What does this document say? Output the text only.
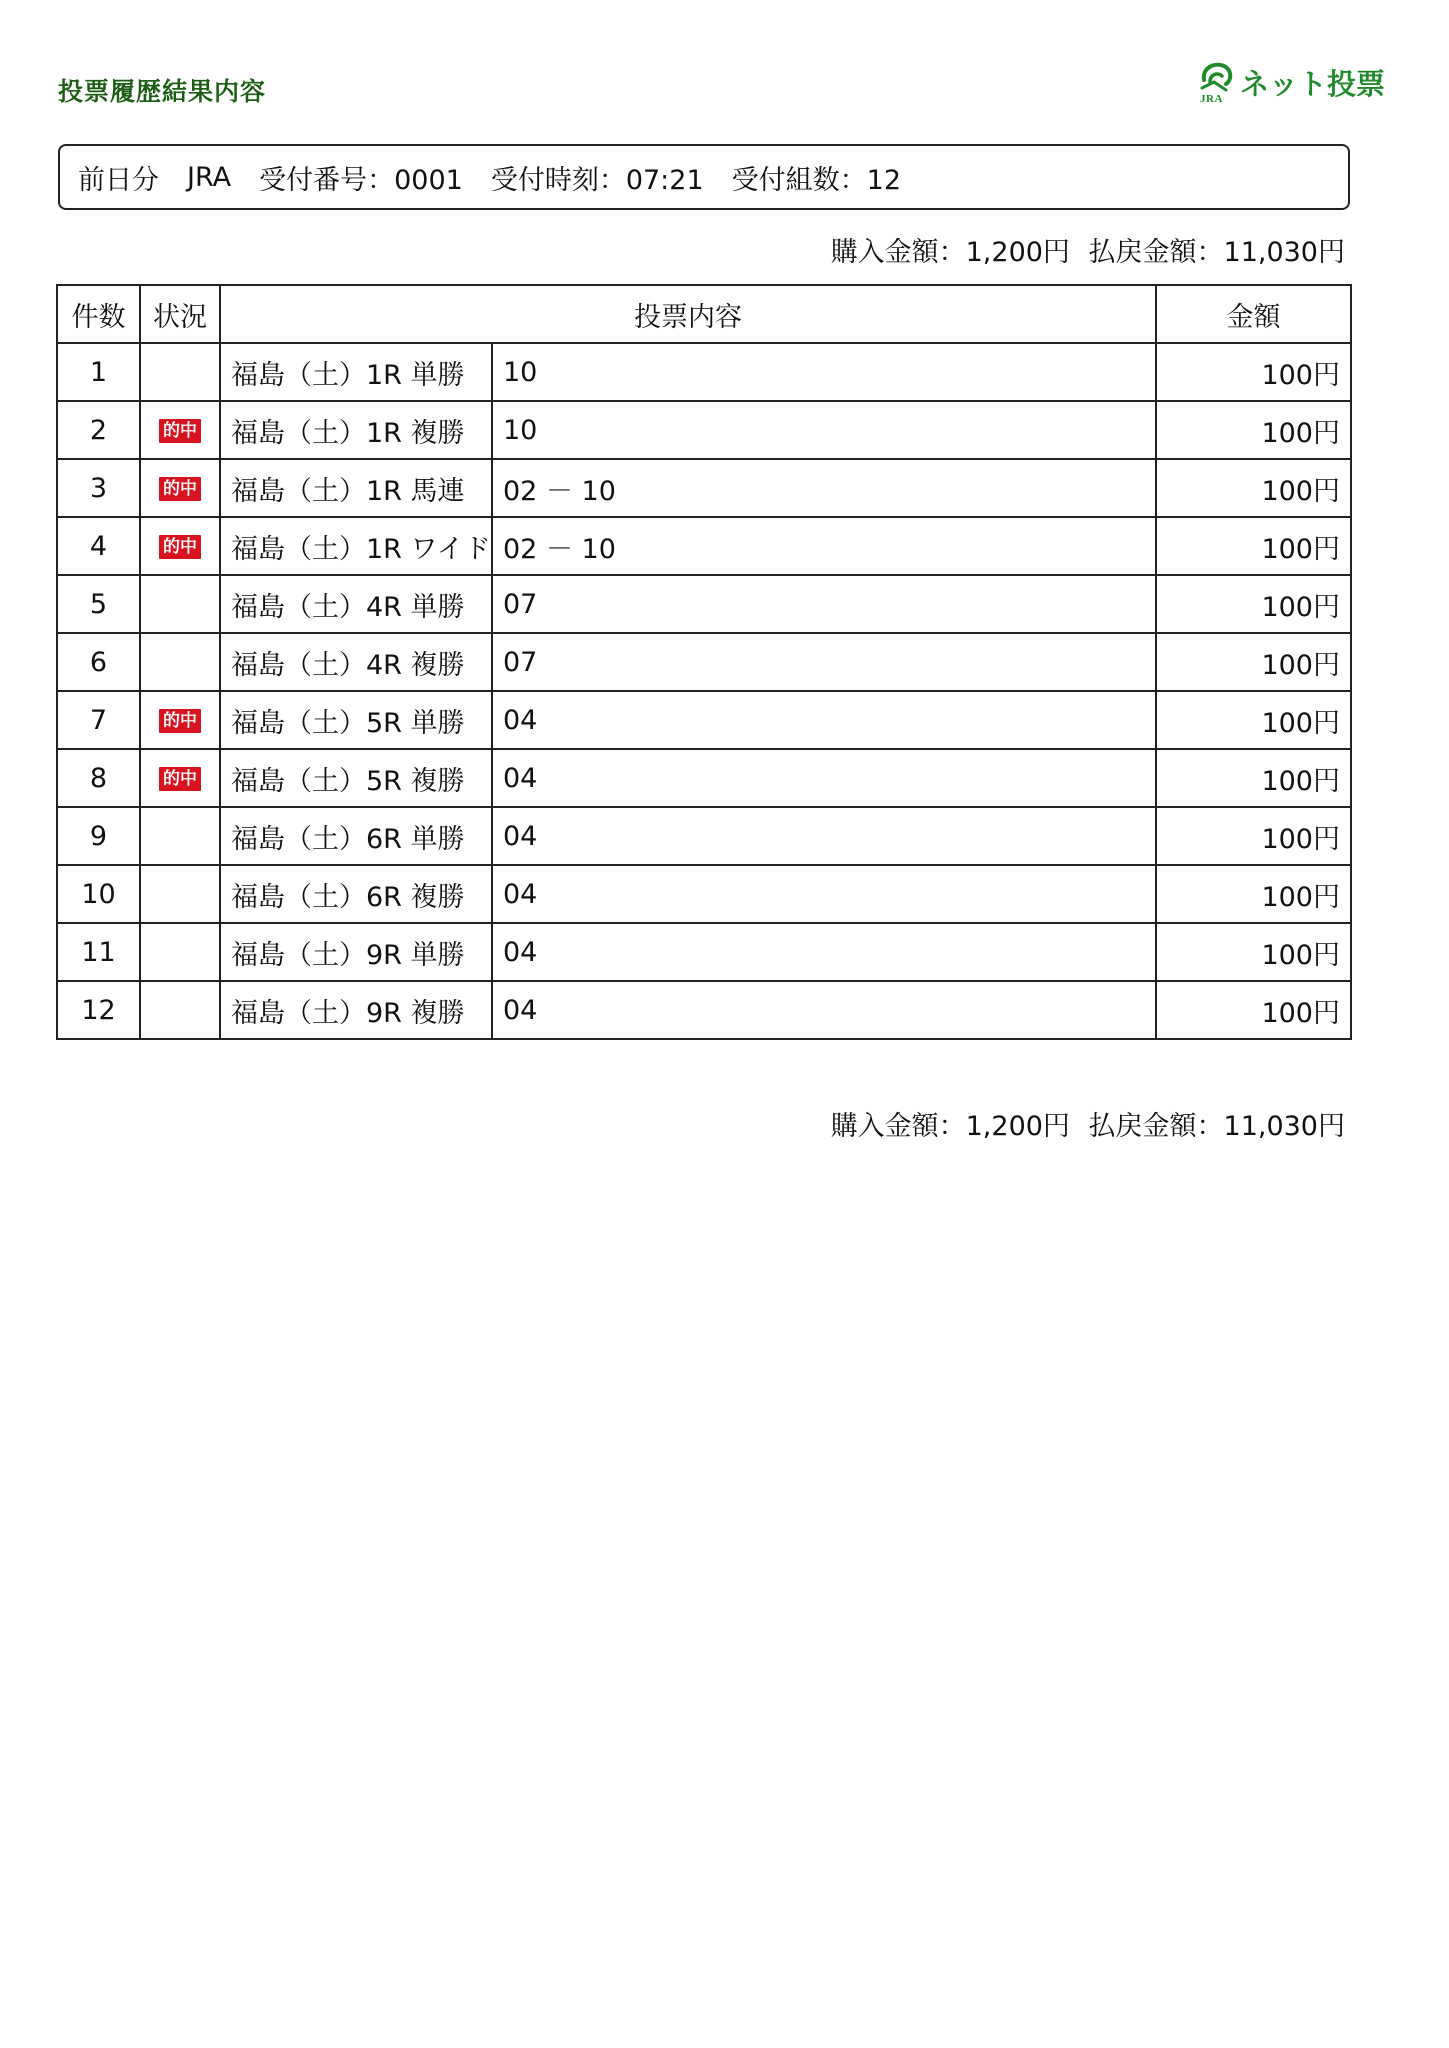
投票履歴結果内容	JRA ネット投票
前日分 JRA 受付番号：0001 受付時刻：07:21 受付組数：12
購入金額：1,200円 払戻金額：11,030円
件数	状況	投票内容		金額
1		福島（土）1R 単勝	10	100円
2	的中	福島（土）1R 複勝	10	100円
3	的中	福島（土）1R 馬連	02 － 10	100円
4	的中	福島（土）1R ワイド	02 － 10	100円
5		福島（土）4R 単勝	07	100円
6		福島（土）4R 複勝	07	100円
7	的中	福島（土）5R 単勝	04	100円
8	的中	福島（土）5R 複勝	04	100円
9		福島（土）6R 単勝	04	100円
10		福島（土）6R 複勝	04	100円
11		福島（土）9R 単勝	04	100円
12		福島（土）9R 複勝	04	100円
購入金額：1,200円 払戻金額：11,030円
